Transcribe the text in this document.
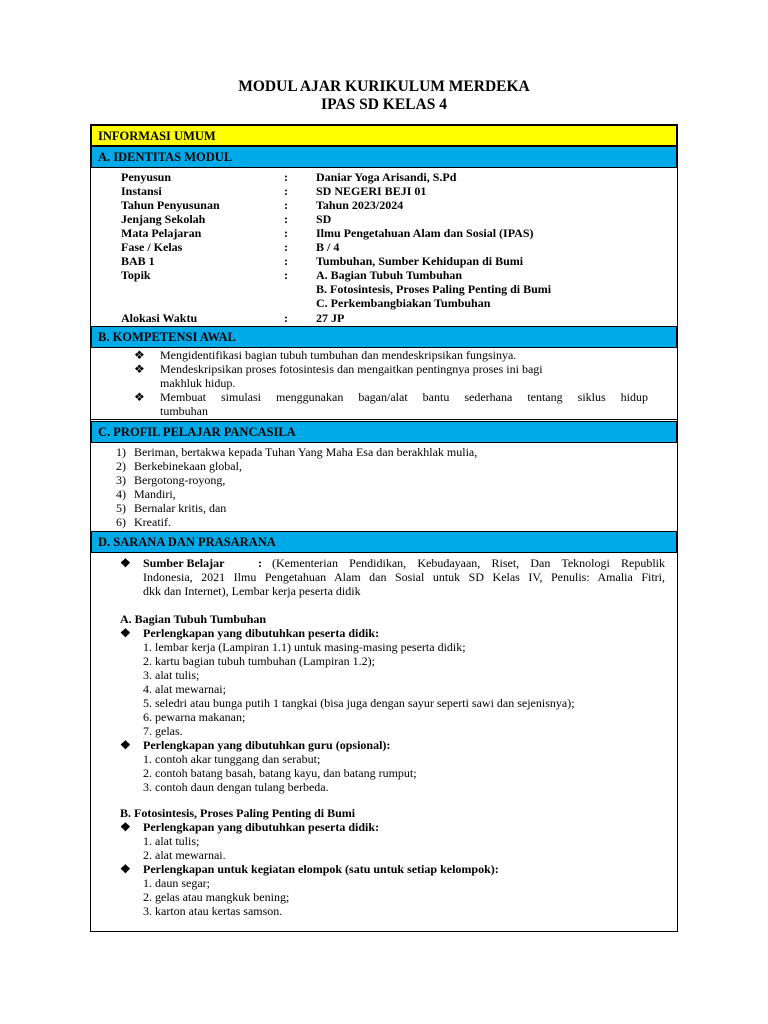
MODUL AJAR KURIKULUM MERDEKA
IPAS SD KELAS 4
INFORMASI UMUM
A. IDENTITAS MODUL
Penyusun	: Daniar Yoga Arisandi, S.Pd
Instansi	: SD NEGERI BEJI 01
Tahun Penyusunan	: Tahun 2023/2024
Jenjang Sekolah	: SD
Mata Pelajaran	: Ilmu Pengetahuan Alam dan Sosial (IPAS)
Fase / Kelas	: B / 4
BAB 1	: Tumbuhan, Sumber Kehidupan di Bumi
Topik	: A. Bagian Tubuh Tumbuhan
B. Fotosintesis, Proses Paling Penting di Bumi
C. Perkembangbiakan Tumbuhan
Alokasi Waktu	: 27 JP
B. KOMPETENSI AWAL
❖ Mengidentifikasi bagian tubuh tumbuhan dan mendeskripsikan fungsinya.
❖ Mendeskripsikan proses fotosintesis dan mengaitkan pentingnya proses ini bagi
makhluk hidup.
❖ Membuat simulasi menggunakan bagan/alat bantu sederhana tentang siklus hidup
tumbuhan
C. PROFIL PELAJAR PANCASILA
1) Beriman, bertakwa kepada Tuhan Yang Maha Esa dan berakhlak mulia,
2) Berkebinekaan global,
3) Bergotong-royong,
4) Mandiri,
5) Bernalar kritis, dan
6) Kreatif.
D. SARANA DAN PRASARANA
❖ Sumber Belajar	: (Kementerian Pendidikan, Kebudayaan, Riset, Dan Teknologi Republik
Indonesia, 2021 Ilmu Pengetahuan Alam dan Sosial untuk SD Kelas IV, Penulis: Amalia Fitri,
dkk dan Internet), Lembar kerja peserta didik
A. Bagian Tubuh Tumbuhan
❖ Perlengkapan yang dibutuhkan peserta didik:
1. lembar kerja (Lampiran 1.1) untuk masing-masing peserta didik;
2. kartu bagian tubuh tumbuhan (Lampiran 1.2);
3. alat tulis;
4. alat mewarnai;
5. seledri atau bunga putih 1 tangkai (bisa juga dengan sayur seperti sawi dan sejenisnya);
6. pewarna makanan;
7. gelas.
❖ Perlengkapan yang dibutuhkan guru (opsional):
1. contoh akar tunggang dan serabut;
2. contoh batang basah, batang kayu, dan batang rumput;
3. contoh daun dengan tulang berbeda.
B. Fotosintesis, Proses Paling Penting di Bumi
❖ Perlengkapan yang dibutuhkan peserta didik:
1. alat tulis;
2. alat mewarnai.
❖ Perlengkapan untuk kegiatan elompok (satu untuk setiap kelompok):
1. daun segar;
2. gelas atau mangkuk bening;
3. karton atau kertas samson.
